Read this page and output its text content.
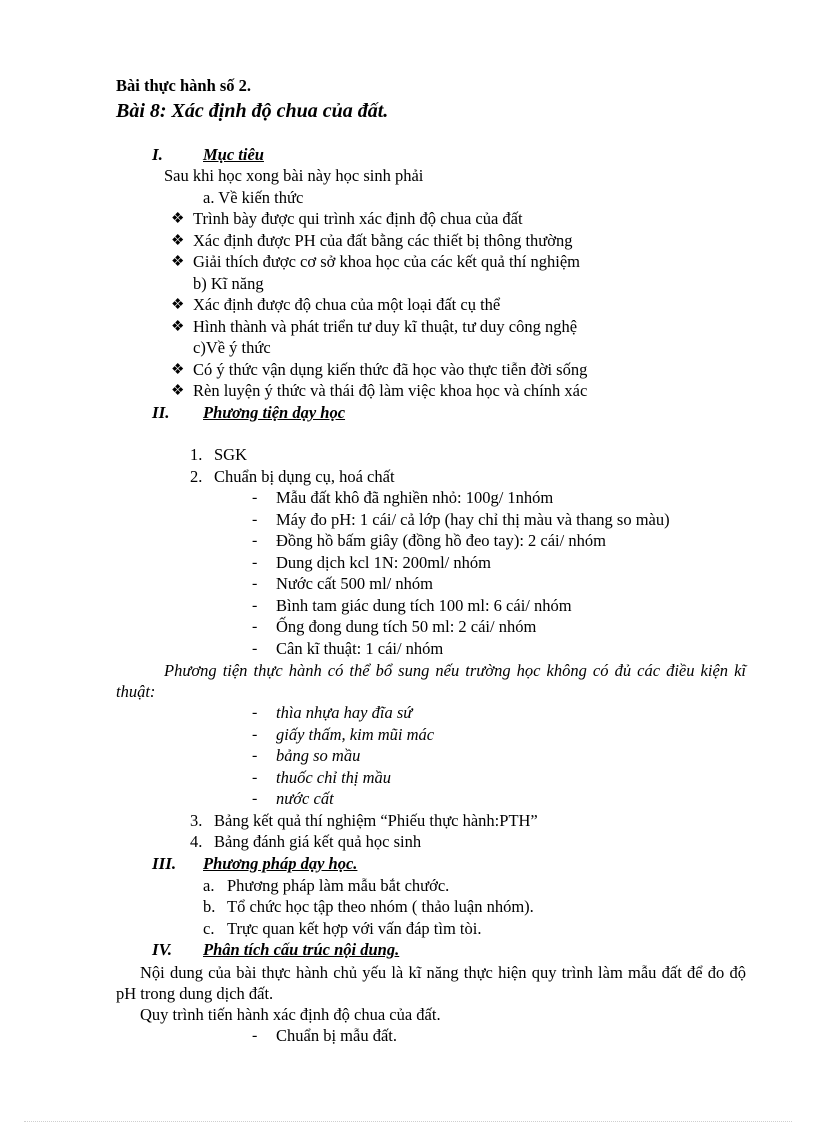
Bài thực hành số 2.
Bài 8: Xác định độ chua của đất.
I. Mục tiêu
Sau khi học xong bài này học sinh phải
a. Về kiến thức
❖ Trình bày được qui trình xác định độ chua của đất
❖ Xác định được PH của đất bằng các thiết bị thông thường
❖ Giải thích được cơ sở khoa học của các kết quả thí nghiệm
b) Kĩ năng
❖ Xác định được độ chua của một loại đất cụ thể
❖ Hình thành và phát triển tư duy kĩ thuật, tư duy công nghệ
c)Về ý thức
❖ Có ý thức vận dụng kiến thức đã học vào thực tiễn đời sống
❖ Rèn luyện ý thức và thái độ làm việc khoa học và chính xác
II. Phương tiện dạy học
1. SGK
2. Chuẩn bị dụng cụ, hoá chất
- Mẫu đất khô đã nghiền nhỏ: 100g/ 1nhóm
- Máy đo pH: 1 cái/ cả lớp (hay chỉ thị màu và thang so màu)
- Đồng hồ bấm giây (đồng hồ đeo tay): 2 cái/ nhóm
- Dung dịch kcl 1N: 200ml/ nhóm
- Nước cất 500 ml/ nhóm
- Bình tam giác dung tích 100 ml: 6 cái/ nhóm
- Ống đong dung tích 50 ml: 2 cái/ nhóm
- Cân kĩ thuật: 1 cái/ nhóm
Phương tiện thực hành có thể bổ sung nếu trường học không có đủ các điều kiện kĩ thuật:
- thìa nhựa hay đĩa sứ
- giấy thấm, kim mũi mác
- bảng so mầu
- thuốc chỉ thị mầu
- nước cất
3. Bảng kết quả thí nghiệm “Phiếu thực hành:PTH”
4. Bảng đánh giá kết quả học sinh
III. Phương pháp dạy học.
a. Phương pháp làm mẫu bắt chước.
b. Tổ chức học tập theo nhóm ( thảo luận nhóm).
c. Trực quan kết hợp với vấn đáp tìm tòi.
IV. Phân tích cấu trúc nội dung.
Nội dung của bài thực hành chủ yếu là kĩ năng thực hiện quy trình làm mẫu đất để đo độ pH trong dung dịch đất.
Quy trình tiến hành xác định độ chua của đất.
- Chuẩn bị mẫu đất.
